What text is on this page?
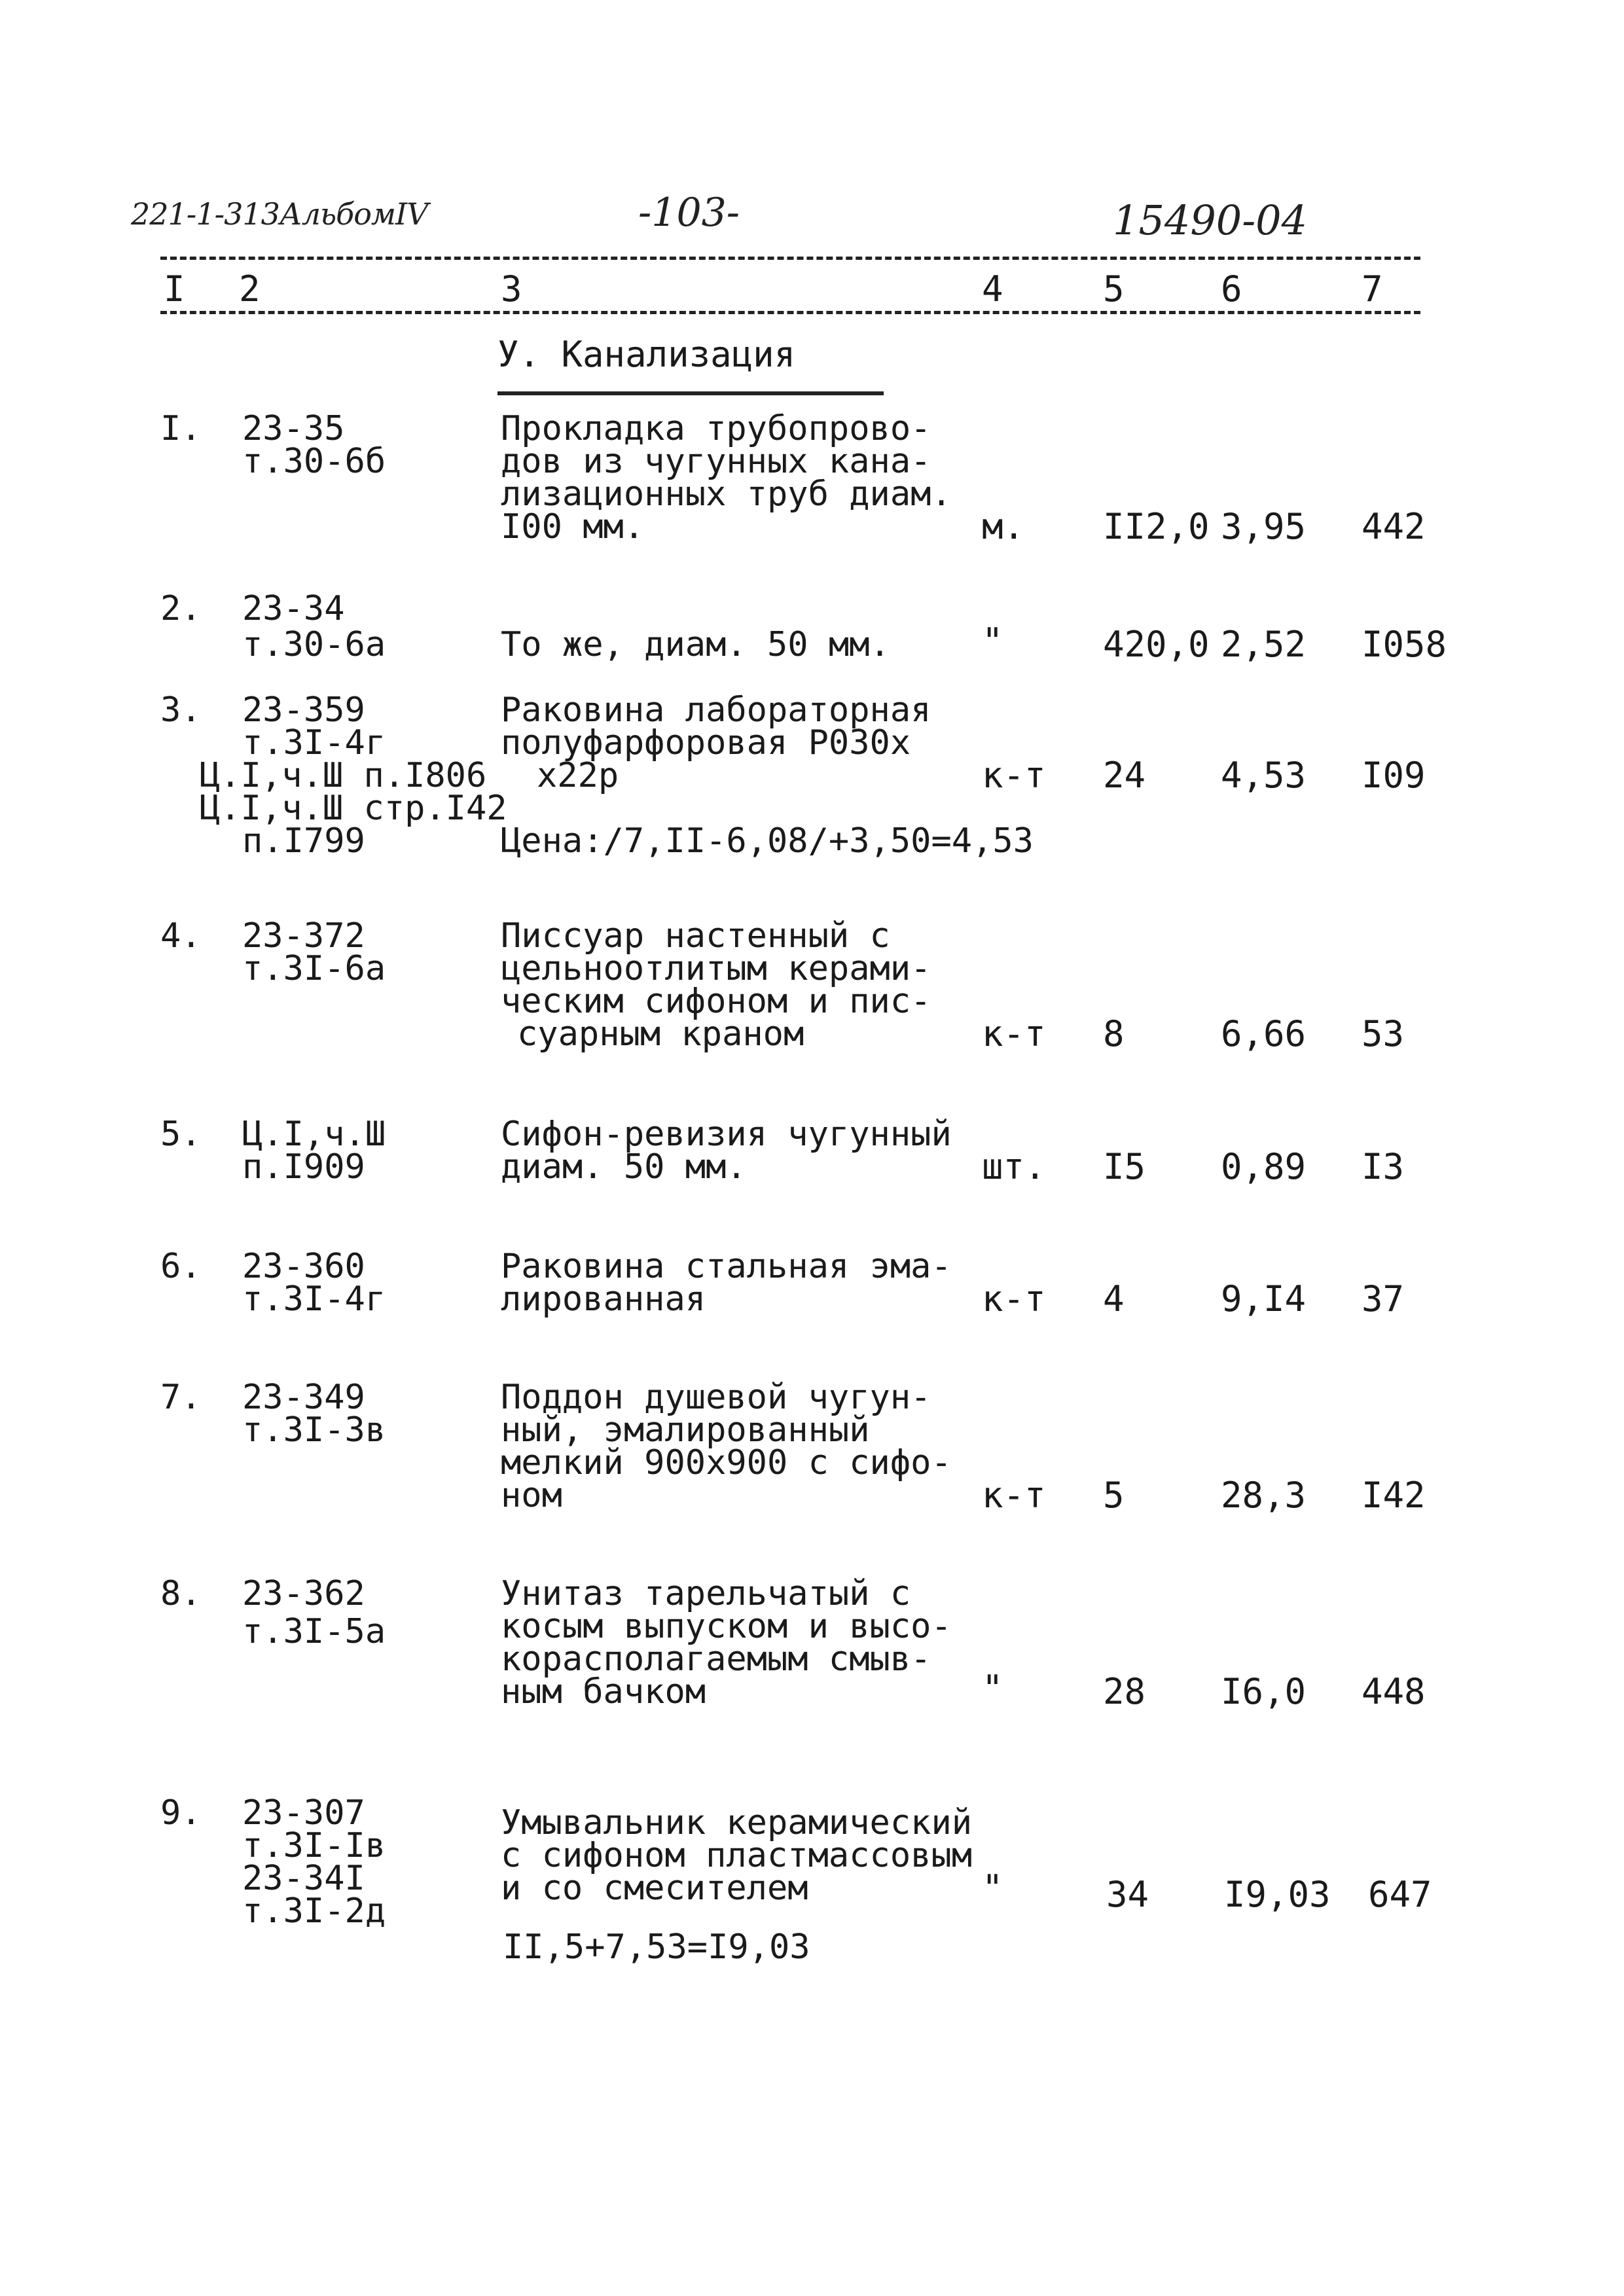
221-1-313АльбомIV	-103-	15490-04
I 2	3	4	5	6	7
У. Канализация
I. 23-35
т.30-6б
Прокладка трубопрово-
дов из чугунных кана-
лизационных труб диам.
I00 мм.	м. II2,0 3,95 442
2. 23-34
т.30-6а	То же, диам. 50 мм.	"	420,0 2,52 I058
3. 23-359
т.3I-4г
Ц.I,ч.Ш п.I806
Ц.I,ч.Ш стр.I42
п.I799
Раковина лабораторная
полуфарфоровая Р030х
х22р	к-т 24 4,53 I09
Цена:/7,II-6,08/+3,50=4,53
4. 23-372
т.3I-6а
Писсуар настенный с
цельноотлитым керами-
ческим сифоном и пис-
суарным краном	к-т 8	6,66 53
5. Ц.I,ч.Ш
п.I909
Сифон-ревизия чугунный
диам. 50 мм.	шт. I5 0,89 I3
6. 23-360
т.3I-4г
Раковина стальная эма-
лированная	к-т 4	9,I4 37
7. 23-349
т.3I-3в
Поддон душевой чугун-
ный, эмалированный
мелкий 900х900 с сифо-
ном	к-т 5	28,3 I42
8. 23-362
т.3I-5а
Унитаз тарельчатый с
косым выпуском и высо-
корасполагаемым смыв-
ным бачком	"	28 I6,0 448
9. 23-307
т.3I-Iв
23-34I
т.3I-2д
Умывальник керамический
с сифоном пластмассовым
и со смесителем	"	34 I9,03 647
II,5+7,53=I9,03
